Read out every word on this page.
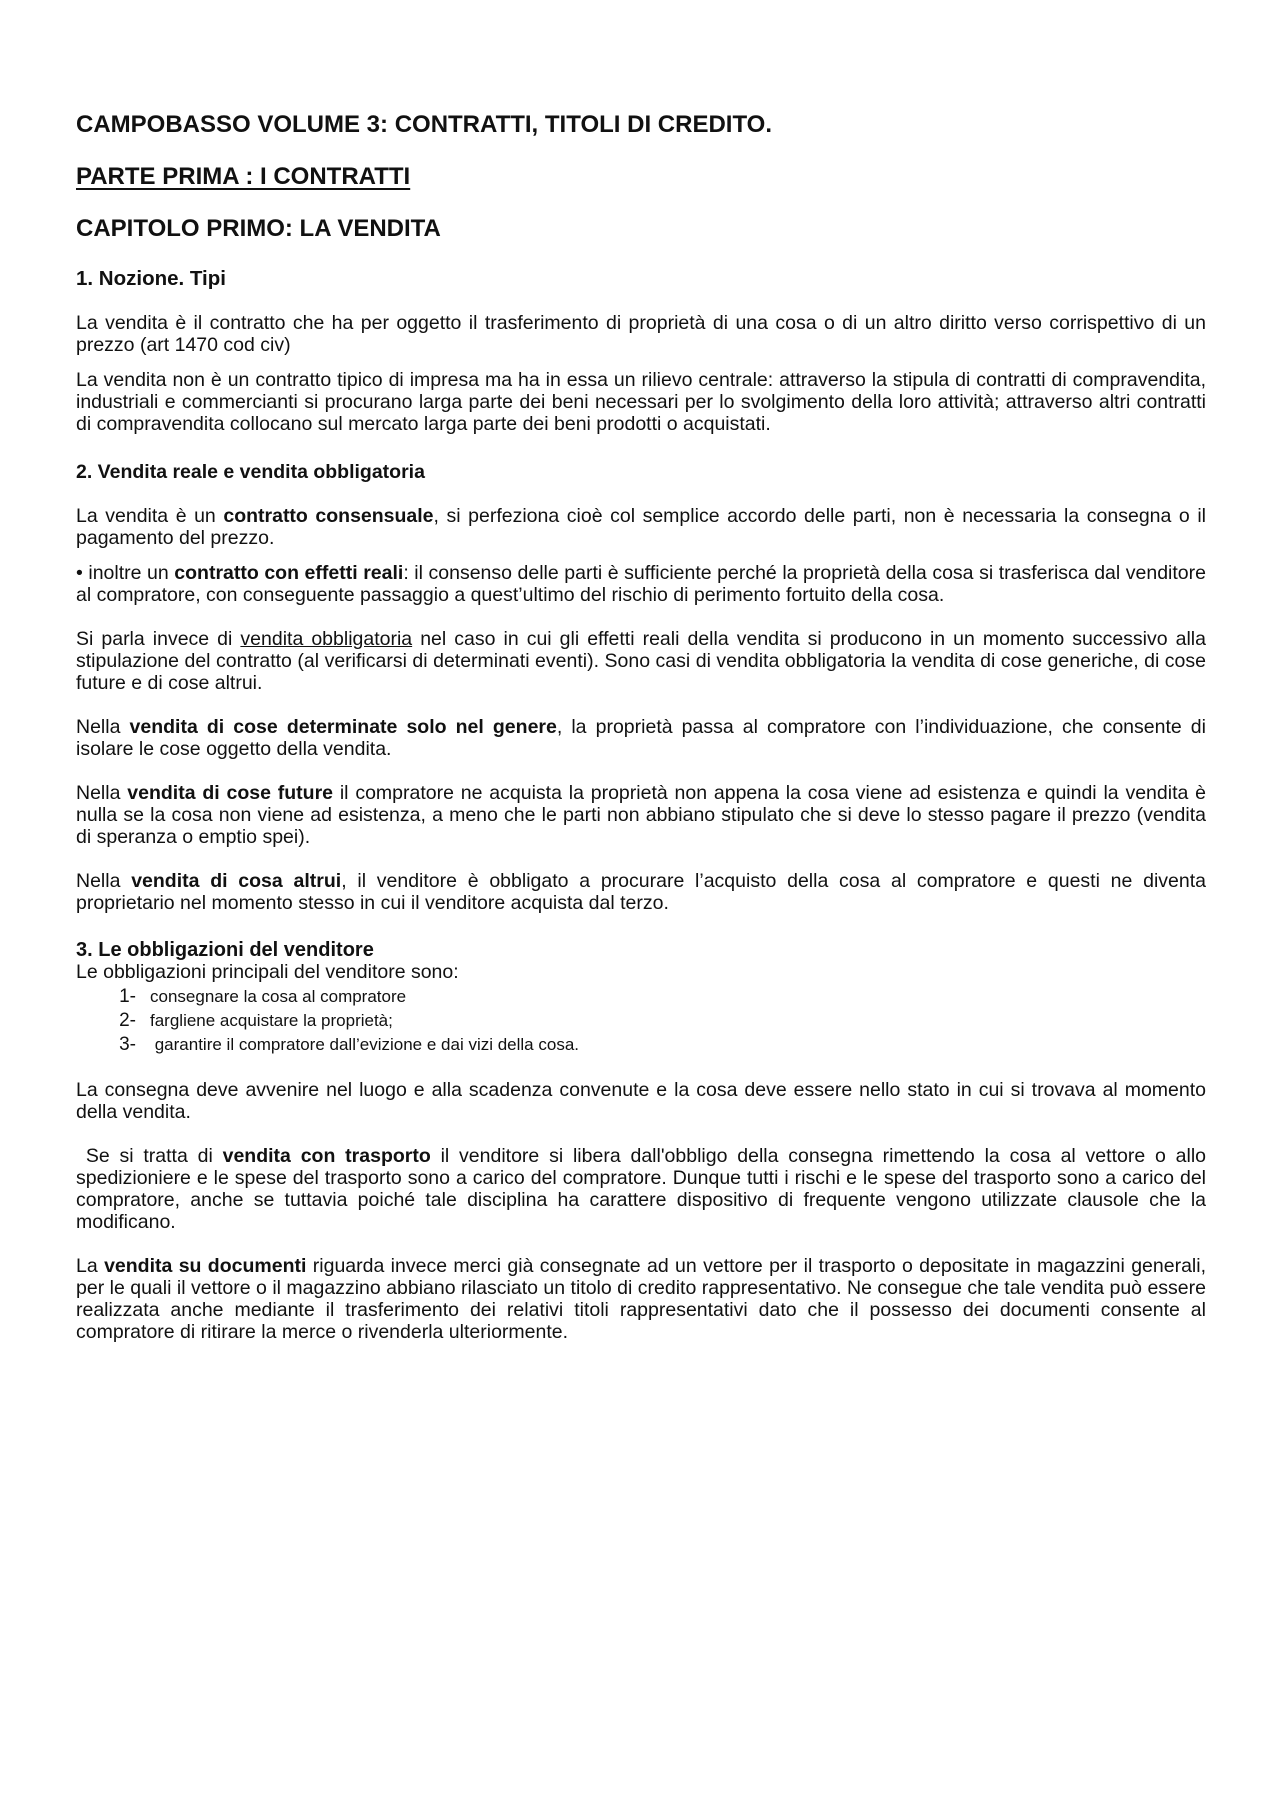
CAMPOBASSO VOLUME 3: CONTRATTI, TITOLI DI CREDITO.
PARTE PRIMA : I CONTRATTI
CAPITOLO PRIMO: LA VENDITA
1. Nozione. Tipi

La vendita è il contratto che ha per oggetto il trasferimento di proprietà di una cosa o di un altro diritto verso corrispettivo di un prezzo (art 1470 cod civ)

La vendita non è un contratto tipico di impresa ma ha in essa un rilievo centrale: attraverso la stipula di contratti di compravendita, industriali e commercianti si procurano larga parte dei beni necessari per lo svolgimento della loro attività; attraverso altri contratti di compravendita collocano sul mercato larga parte dei beni prodotti o acquistati.

2. Vendita reale e vendita obbligatoria

La vendita è un contratto consensuale, si perfeziona cioè col semplice accordo delle parti, non è necessaria la consegna o il pagamento del prezzo.

• inoltre un contratto con effetti reali: il consenso delle parti è sufficiente perché la proprietà della cosa si trasferisca dal venditore al compratore, con conseguente passaggio a quest’ultimo del rischio di perimento fortuito della cosa.

Si parla invece di vendita obbligatoria nel caso in cui gli effetti reali della vendita si producono in un momento successivo alla stipulazione del contratto (al verificarsi di determinati eventi). Sono casi di vendita obbligatoria la vendita di cose generiche, di cose future e di cose altrui.

Nella vendita di cose determinate solo nel genere, la proprietà passa al compratore con l’individuazione, che consente di isolare le cose oggetto della vendita.

Nella vendita di cose future il compratore ne acquista la proprietà non appena la cosa viene ad esistenza e quindi la vendita è nulla se la cosa non viene ad esistenza, a meno che le parti non abbiano stipulato che si deve lo stesso pagare il prezzo (vendita di speranza o emptio spei).

Nella vendita di cosa altrui, il venditore è obbligato a procurare l’acquisto della cosa al compratore e questi ne diventa proprietario nel momento stesso in cui il venditore acquista dal terzo.

3. Le obbligazioni del venditore

Le obbligazioni principali del venditore sono:

1- consegnare la cosa al compratore
2- fargliene acquistare la proprietà;
3- garantire il compratore dall’evizione e dai vizi della cosa.

La consegna deve avvenire nel luogo e alla scadenza convenute e la cosa deve essere nello stato in cui si trovava al momento della vendita.

Se si tratta di vendita con trasporto il venditore si libera dall'obbligo della consegna rimettendo la cosa al vettore o allo spedizioniere e le spese del trasporto sono a carico del compratore. Dunque tutti i rischi e le spese del trasporto sono a carico del compratore, anche se tuttavia poiché tale disciplina ha carattere dispositivo di frequente vengono utilizzate clausole che la modificano.

La vendita su documenti riguarda invece merci già consegnate ad un vettore per il trasporto o depositate in magazzini generali, per le quali il vettore o il magazzino abbiano rilasciato un titolo di credito rappresentativo. Ne consegue che tale vendita può essere realizzata anche mediante il trasferimento dei relativi titoli rappresentativi dato che il possesso dei documenti consente al compratore di ritirare la merce o rivenderla ulteriormente.
